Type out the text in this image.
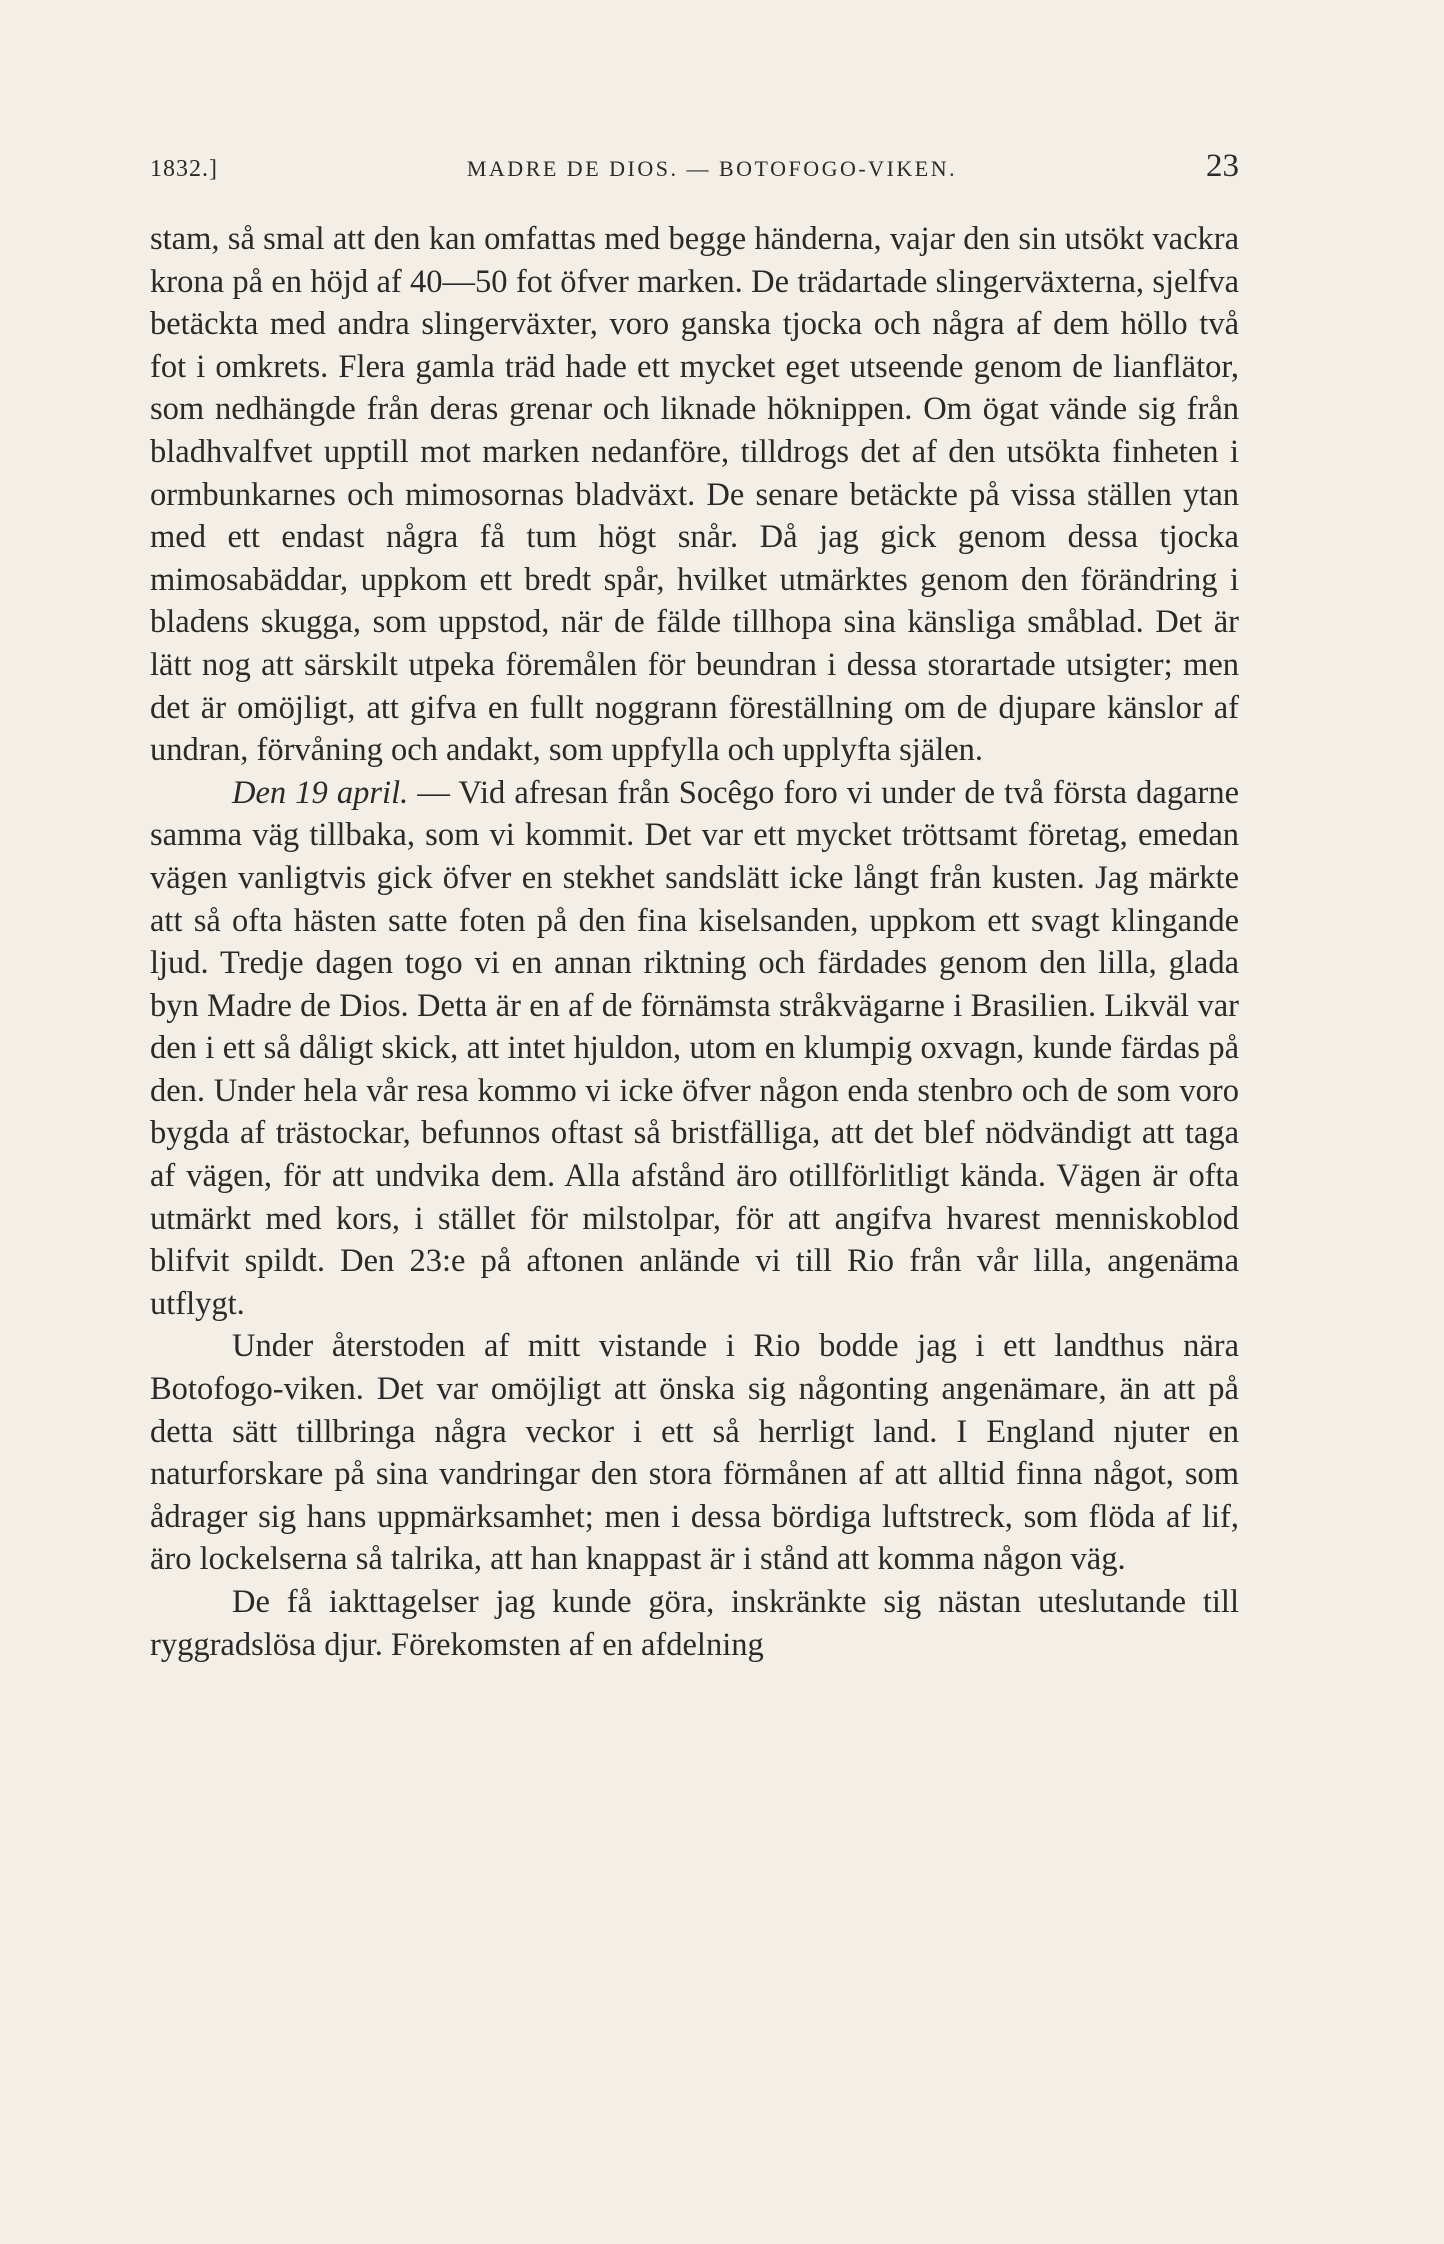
1832.]	MADRE DE DIOS. — BOTOFOGO-VIKEN.	23

stam, så smal att den kan omfattas med begge händerna, vajar den sin utsökt vackra krona på en höjd af 40—50 fot öfver marken. De trädartade slingerväxterna, sjelfva betäckta med andra slingerväxter, voro ganska tjocka och några af dem höllo två fot i omkrets. Flera gamla träd hade ett mycket eget utseende genom de lianflätor, som nedhängde från deras grenar och liknade höknippen. Om ögat vände sig från bladhvalfvet upptill mot marken nedanföre, tilldrogs det af den utsökta finheten i ormbunkarnes och mimosornas bladväxt. De senare betäckte på vissa ställen ytan med ett endast några få tum högt snår. Då jag gick genom dessa tjocka mimosabäddar, uppkom ett bredt spår, hvilket utmärktes genom den förändring i bladens skugga, som uppstod, när de fälde tillhopa sina känsliga småblad. Det är lätt nog att särskilt utpeka föremålen för beundran i dessa storartade utsigter; men det är omöjligt, att gifva en fullt noggrann föreställning om de djupare känslor af undran, förvåning och andakt, som uppfylla och upplyfta själen.

Den 19 april. — Vid afresan från Socêgo foro vi under de två första dagarne samma väg tillbaka, som vi kommit. Det var ett mycket tröttsamt företag, emedan vägen vanligtvis gick öfver en stekhet sandslätt icke långt från kusten. Jag märkte att så ofta hästen satte foten på den fina kiselsanden, uppkom ett svagt klingande ljud. Tredje dagen togo vi en annan riktning och färdades genom den lilla, glada byn Madre de Dios. Detta är en af de förnämsta stråkvägarne i Brasilien. Likväl var den i ett så dåligt skick, att intet hjuldon, utom en klumpig oxvagn, kunde färdas på den. Under hela vår resa kommo vi icke öfver någon enda stenbro och de som voro bygda af trästockar, befunnos oftast så bristfälliga, att det blef nödvändigt att taga af vägen, för att undvika dem. Alla afstånd äro otillförlitligt kända. Vägen är ofta utmärkt med kors, i stället för milstolpar, för att angifva hvarest menniskoblod blifvit spildt. Den 23:e på aftonen anlände vi till Rio från vår lilla, angenäma utflygt.

Under återstoden af mitt vistande i Rio bodde jag i ett landthus nära Botofogo-viken. Det var omöjligt att önska sig någonting angenämare, än att på detta sätt tillbringa några veckor i ett så herrligt land. I England njuter en naturforskare på sina vandringar den stora förmånen af att alltid finna något, som ådrager sig hans uppmärksamhet; men i dessa bördiga luftstreck, som flöda af lif, äro lockelserna så talrika, att han knappast är i stånd att komma någon väg.

De få iakttagelser jag kunde göra, inskränkte sig nästan uteslutande till ryggradslösa djur. Förekomsten af en afdelning
